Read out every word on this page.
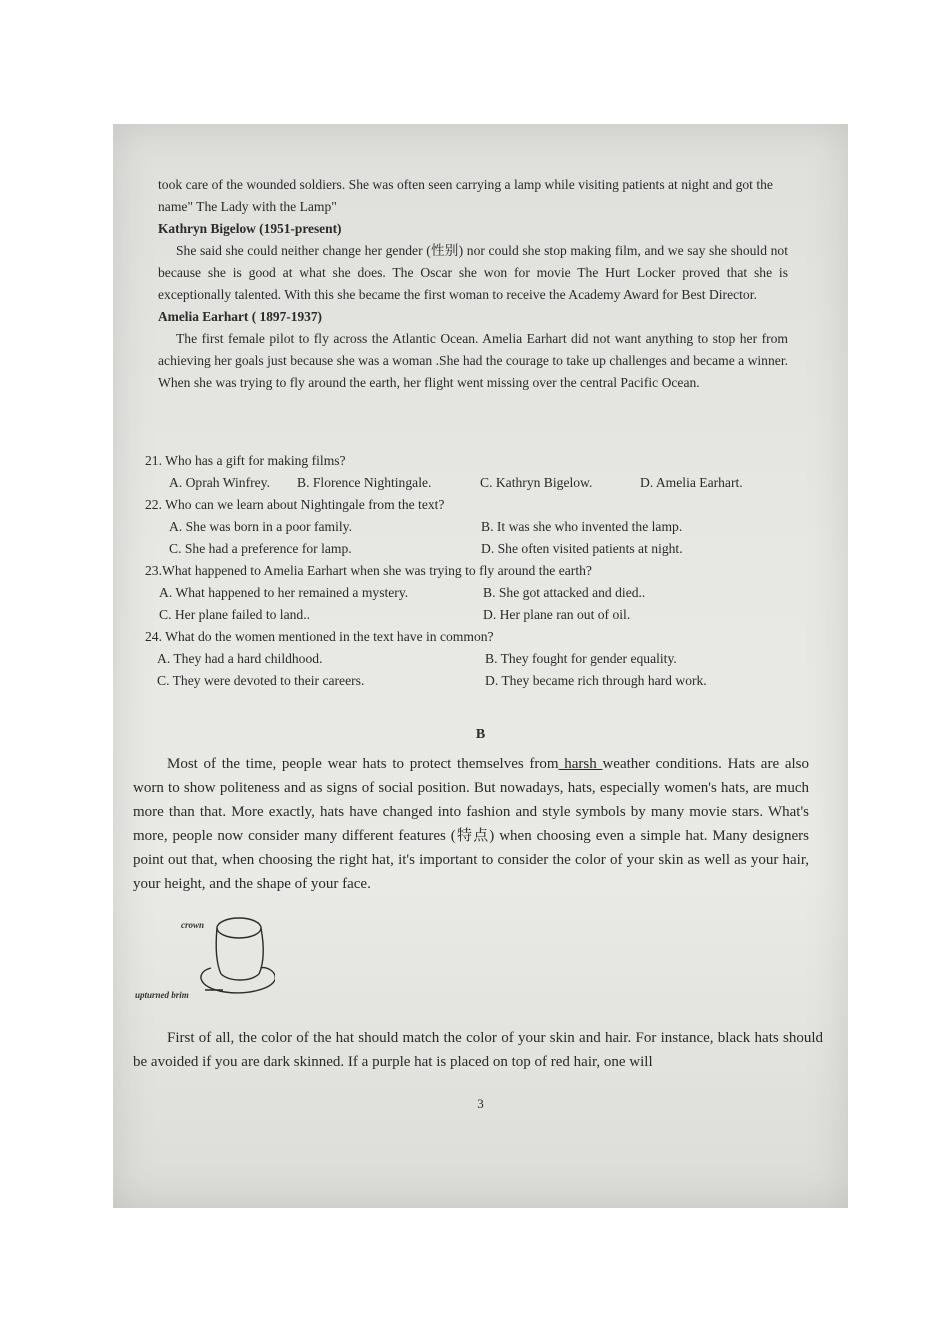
took care of the wounded soldiers. She was often seen carrying a lamp while visiting patients at night and got the name" The Lady with the Lamp"

Kathryn Bigelow (1951-present)

She said she could neither change her gender (性别) nor could she stop making film, and we say she should not because she is good at what she does. The Oscar she won for movie The Hurt Locker proved that she is exceptionally talented. With this she became the first woman to receive the Academy Award for Best Director.

Amelia Earhart ( 1897-1937)

The first female pilot to fly across the Atlantic Ocean. Amelia Earhart did not want anything to stop her from achieving her goals just because she was a woman .She had the courage to take up challenges and became a winner. When she was trying to fly around the earth, her flight went missing over the central Pacific Ocean.

21. Who has a gift for making films?

A. Oprah Winfrey.	B. Florence Nightingale.	C. Kathryn Bigelow.	D. Amelia Earhart.

22. Who can we learn about Nightingale from the text?

A. She was born in a poor family.	B. It was she who invented the lamp.
C. She had a preference for lamp.	D. She often visited patients at night.

23.What happened to Amelia Earhart when she was trying to fly around the earth?

A. What happened to her remained a mystery.	B. She got attacked and died..
C. Her plane failed to land..	D. Her plane ran out of oil.

24. What do the women mentioned in the text have in common?

A. They had a hard childhood.	B. They fought for gender equality.
C. They were devoted to their careers.	D. They became rich through hard work.
B

Most of the time, people wear hats to protect themselves from harsh weather conditions. Hats are also worn to show politeness and as signs of social position. But nowadays, hats, especially women's hats, are much more than that. More exactly, hats have changed into fashion and style symbols by many movie stars. What's more, people now consider many different features (特点) when choosing even a simple hat. Many designers point out that, when choosing the right hat, it's important to consider the color of your skin as well as your hair, your height, and the shape of your face.

crown
upturned brim

First of all, the color of the hat should match the color of your skin and hair. For instance, black hats should be avoided if you are dark skinned. If a purple hat is placed on top of red hair, one will

3
